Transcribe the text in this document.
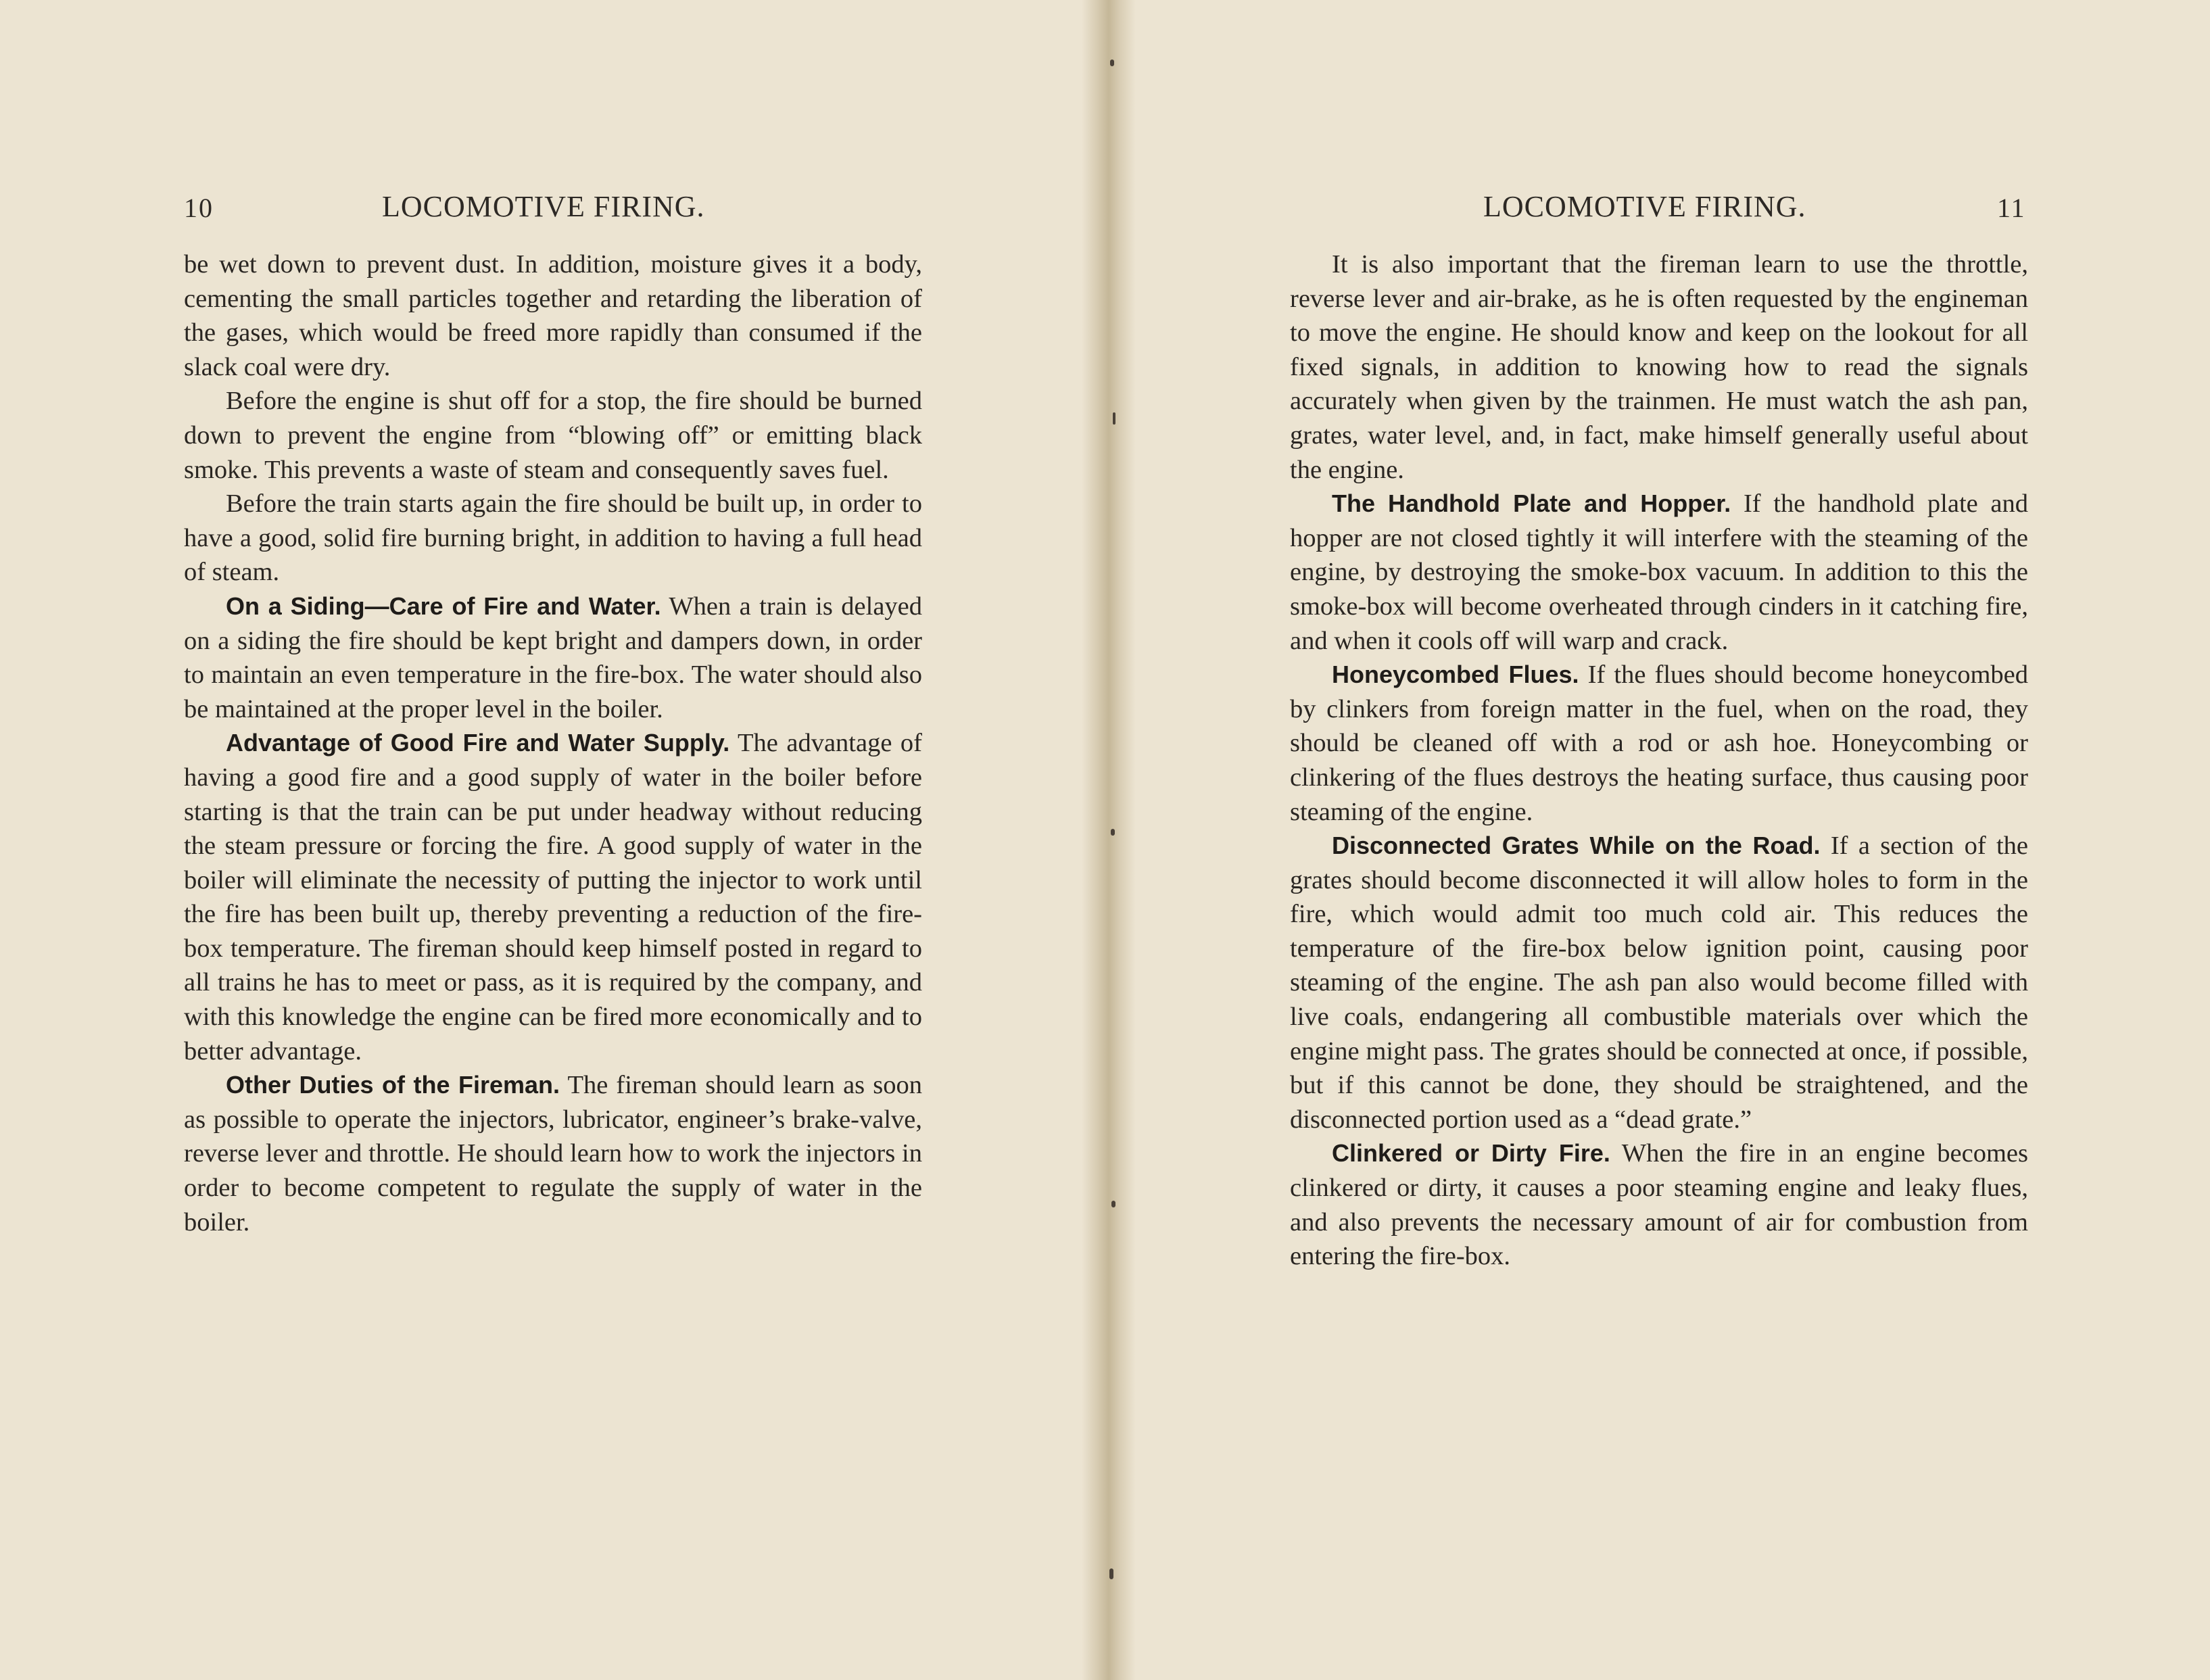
10	LOCOMOTIVE FIRING.

be wet down to prevent dust. In addition, moisture gives it a body, cementing the small particles together and retarding the liberation of the gases, which would be freed more rapidly than consumed if the slack coal were dry.

Before the engine is shut off for a stop, the fire should be burned down to prevent the engine from “blowing off” or emitting black smoke. This prevents a waste of steam and consequently saves fuel.

Before the train starts again the fire should be built up, in order to have a good, solid fire burning bright, in addition to having a full head of steam.

On a Siding—Care of Fire and Water. When a train is delayed on a siding the fire should be kept bright and dampers down, in order to maintain an even temperature in the fire-box. The water should also be maintained at the proper level in the boiler.

Advantage of Good Fire and Water Supply. The advantage of having a good fire and a good supply of water in the boiler before starting is that the train can be put under headway without reducing the steam pressure or forcing the fire. A good supply of water in the boiler will eliminate the necessity of putting the injector to work until the fire has been built up, thereby preventing a reduction of the fire-box temperature. The fireman should keep himself posted in regard to all trains he has to meet or pass, as it is required by the company, and with this knowledge the engine can be fired more economically and to better advantage.

Other Duties of the Fireman. The fireman should learn as soon as possible to operate the injectors, lubricator, engineer’s brake-valve, reverse lever and throttle. He should learn how to work the injectors in order to become competent to regulate the supply of water in the boiler.

LOCOMOTIVE FIRING.	11

It is also important that the fireman learn to use the throttle, reverse lever and air-brake, as he is often requested by the engineman to move the engine. He should know and keep on the lookout for all fixed signals, in addition to knowing how to read the signals accurately when given by the trainmen. He must watch the ash pan, grates, water level, and, in fact, make himself generally useful about the engine.

The Handhold Plate and Hopper. If the handhold plate and hopper are not closed tightly it will interfere with the steaming of the engine, by destroying the smoke-box vacuum. In addition to this the smoke-box will become overheated through cinders in it catching fire, and when it cools off will warp and crack.

Honeycombed Flues. If the flues should become honeycombed by clinkers from foreign matter in the fuel, when on the road, they should be cleaned off with a rod or ash hoe. Honeycombing or clinkering of the flues destroys the heating surface, thus causing poor steaming of the engine.

Disconnected Grates While on the Road. If a section of the grates should become disconnected it will allow holes to form in the fire, which would admit too much cold air. This reduces the temperature of the fire-box below ignition point, causing poor steaming of the engine. The ash pan also would become filled with live coals, endangering all combustible materials over which the engine might pass. The grates should be connected at once, if possible, but if this cannot be done, they should be straightened, and the disconnected portion used as a “dead grate.”

Clinkered or Dirty Fire. When the fire in an engine becomes clinkered or dirty, it causes a poor steaming engine and leaky flues, and also prevents the necessary amount of air for combustion from entering the fire-box.
